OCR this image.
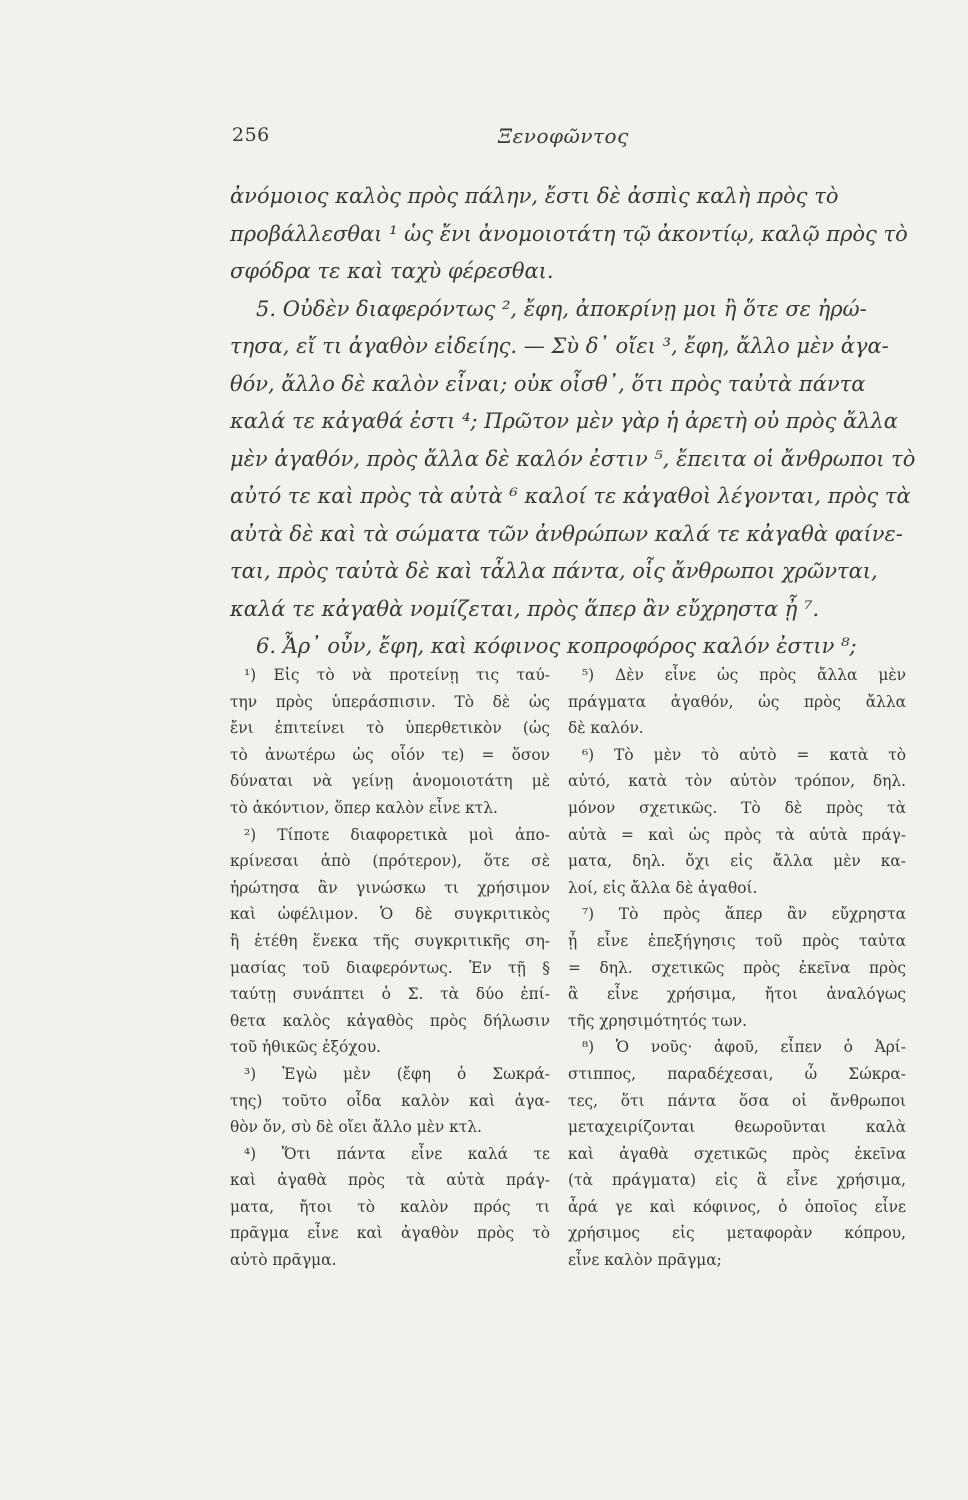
256	Ξενοφῶντος
ἀνόμοιος καλὸς πρὸς πάλην, ἔστι δὲ ἀσπὶς καλὴ πρὸς τὸ
προβάλλεσθαι ¹ ὡς ἔνι ἀνομοιοτάτη τῷ ἀκοντίῳ, καλῷ πρὸς τὸ
σφόδρα τε καὶ ταχὺ φέρεσθαι.
5. Οὐδὲν διαφερόντως ², ἔφη, ἀποκρίνῃ μοι ἢ ὅτε σε ἠρώ-
τησα, εἴ τι ἀγαθὸν εἰδείης. — Σὺ δ᾽ οἴει ³, ἔφη, ἄλλο μὲν ἀγα-
θόν, ἄλλο δὲ καλὸν εἶναι; οὐκ οἶσθ᾽, ὅτι πρὸς ταὐτὰ πάντα
καλά τε κἀγαθά ἐστι ⁴; Πρῶτον μὲν γὰρ ἡ ἀρετὴ οὐ πρὸς ἄλλα
μὲν ἀγαθόν, πρὸς ἄλλα δὲ καλόν ἐστιν ⁵, ἔπειτα οἱ ἄνθρωποι τὸ
αὐτό τε καὶ πρὸς τὰ αὐτὰ ⁶ καλοί τε κἀγαθοὶ λέγονται, πρὸς τὰ
αὐτὰ δὲ καὶ τὰ σώματα τῶν ἀνθρώπων καλά τε κἀγαθὰ φαίνε-
ται, πρὸς ταὐτὰ δὲ καὶ τἆλλα πάντα, οἷς ἄνθρωποι χρῶνται,
καλά τε κἀγαθὰ νομίζεται, πρὸς ἅπερ ἂν εὔχρηστα ᾖ ⁷.
6. Ἆρ᾽ οὖν, ἔφη, καὶ κόφινος κοπροφόρος καλόν ἐστιν ⁸;
¹) Εἰς τὸ νὰ προτείνῃ τις ταύ-
την πρὸς ὑπεράσπισιν. Τὸ δὲ ὡς
ἔνι ἐπιτείνει τὸ ὑπερθετικὸν (ὡς
τὸ ἀνωτέρω ὡς οἷόν τε) = ὅσον
δύναται νὰ γείνῃ ἀνομοιοτάτη μὲ
τὸ ἀκόντιον, ὅπερ καλὸν εἶνε κτλ.
²) Τίποτε διαφορετικὰ μοὶ ἀπο-
κρίνεσαι ἀπὸ (πρότερον), ὅτε σὲ
ἠρώτησα ἂν γινώσκω τι χρήσιμον
καὶ ὠφέλιμον. Ὁ δὲ συγκριτικὸς
ἢ ἐτέθη ἕνεκα τῆς συγκριτικῆς ση-
μασίας τοῦ διαφερόντως. Ἐν τῇ §
ταύτῃ συνάπτει ὁ Σ. τὰ δύο ἐπί-
θετα καλὸς κἀγαθὸς πρὸς δήλωσιν
τοῦ ἠθικῶς ἐξόχου.
³) Ἐγὼ μὲν (ἔφη ὁ Σωκρά-
της) τοῦτο οἶδα καλὸν καὶ ἀγα-
θὸν ὄν, σὺ δὲ οἴει ἄλλο μὲν κτλ.
⁴) Ὅτι πάντα εἶνε καλά τε
καὶ ἀγαθὰ πρὸς τὰ αὐτὰ πράγ-
ματα, ἤτοι τὸ καλὸν πρός τι
πρᾶγμα εἶνε καὶ ἀγαθὸν πρὸς τὸ
αὐτὸ πρᾶγμα.
⁵) Δὲν εἶνε ὡς πρὸς ἄλλα μὲν
πράγματα ἀγαθόν, ὡς πρὸς ἄλλα
δὲ καλόν.
⁶) Τὸ μὲν τὸ αὐτὸ = κατὰ τὸ
αὐτό, κατὰ τὸν αὐτὸν τρόπον, δηλ.
μόνον σχετικῶς. Τὸ δὲ πρὸς τὰ
αὐτὰ = καὶ ὡς πρὸς τὰ αὐτὰ πράγ-
ματα, δηλ. ὄχι εἰς ἄλλα μὲν κα-
λοί, εἰς ἄλλα δὲ ἀγαθοί.
⁷) Τὸ πρὸς ἅπερ ἂν εὔχρηστα
ᾖ εἶνε ἐπεξήγησις τοῦ πρὸς ταὐτα
= δηλ. σχετικῶς πρὸς ἐκεῖνα πρὸς
ἃ εἶνε χρήσιμα, ἤτοι ἀναλόγως
τῆς χρησιμότητός των.
⁸) Ὁ νοῦς· ἀφοῦ, εἶπεν ὁ Ἀρί-
στιππος, παραδέχεσαι, ὦ Σώκρα-
τες, ὅτι πάντα ὅσα οἱ ἄνθρωποι
μεταχειρίζονται θεωροῦνται καλὰ
καὶ ἀγαθὰ σχετικῶς πρὸς ἐκεῖνα
(τὰ πράγματα) εἰς ἃ εἶνε χρήσιμα,
ἆρά γε καὶ κόφινος, ὁ ὁποῖος εἶνε
χρήσιμος εἰς μεταφορὰν κόπρου,
εἶνε καλὸν πρᾶγμα;
